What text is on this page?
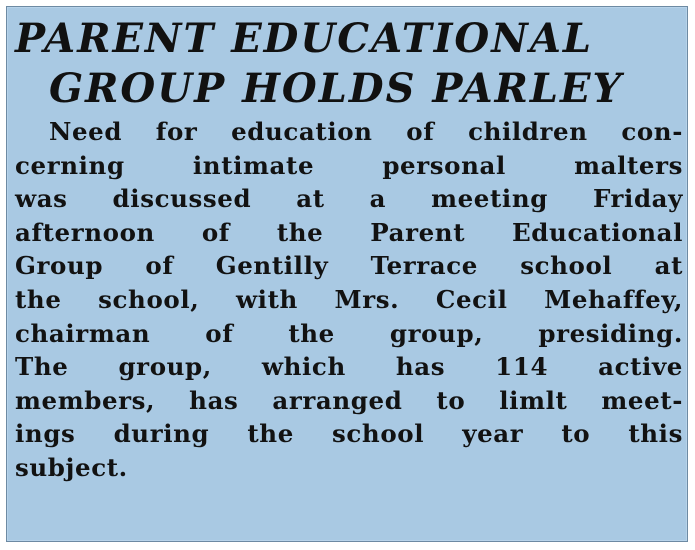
PARENT EDUCATIONAL
GROUP HOLDS PARLEY
Need for education of children con-
cerning intimate personal malters
was discussed at a meeting Friday
afternoon of the Parent Educational
Group of Gentilly Terrace school at
the school, with Mrs. Cecil Mehaffey,
chairman of the group, presiding.
The group, which has 114 active
members, has arranged to limlt meet-
ings during the school year to this
subject.
